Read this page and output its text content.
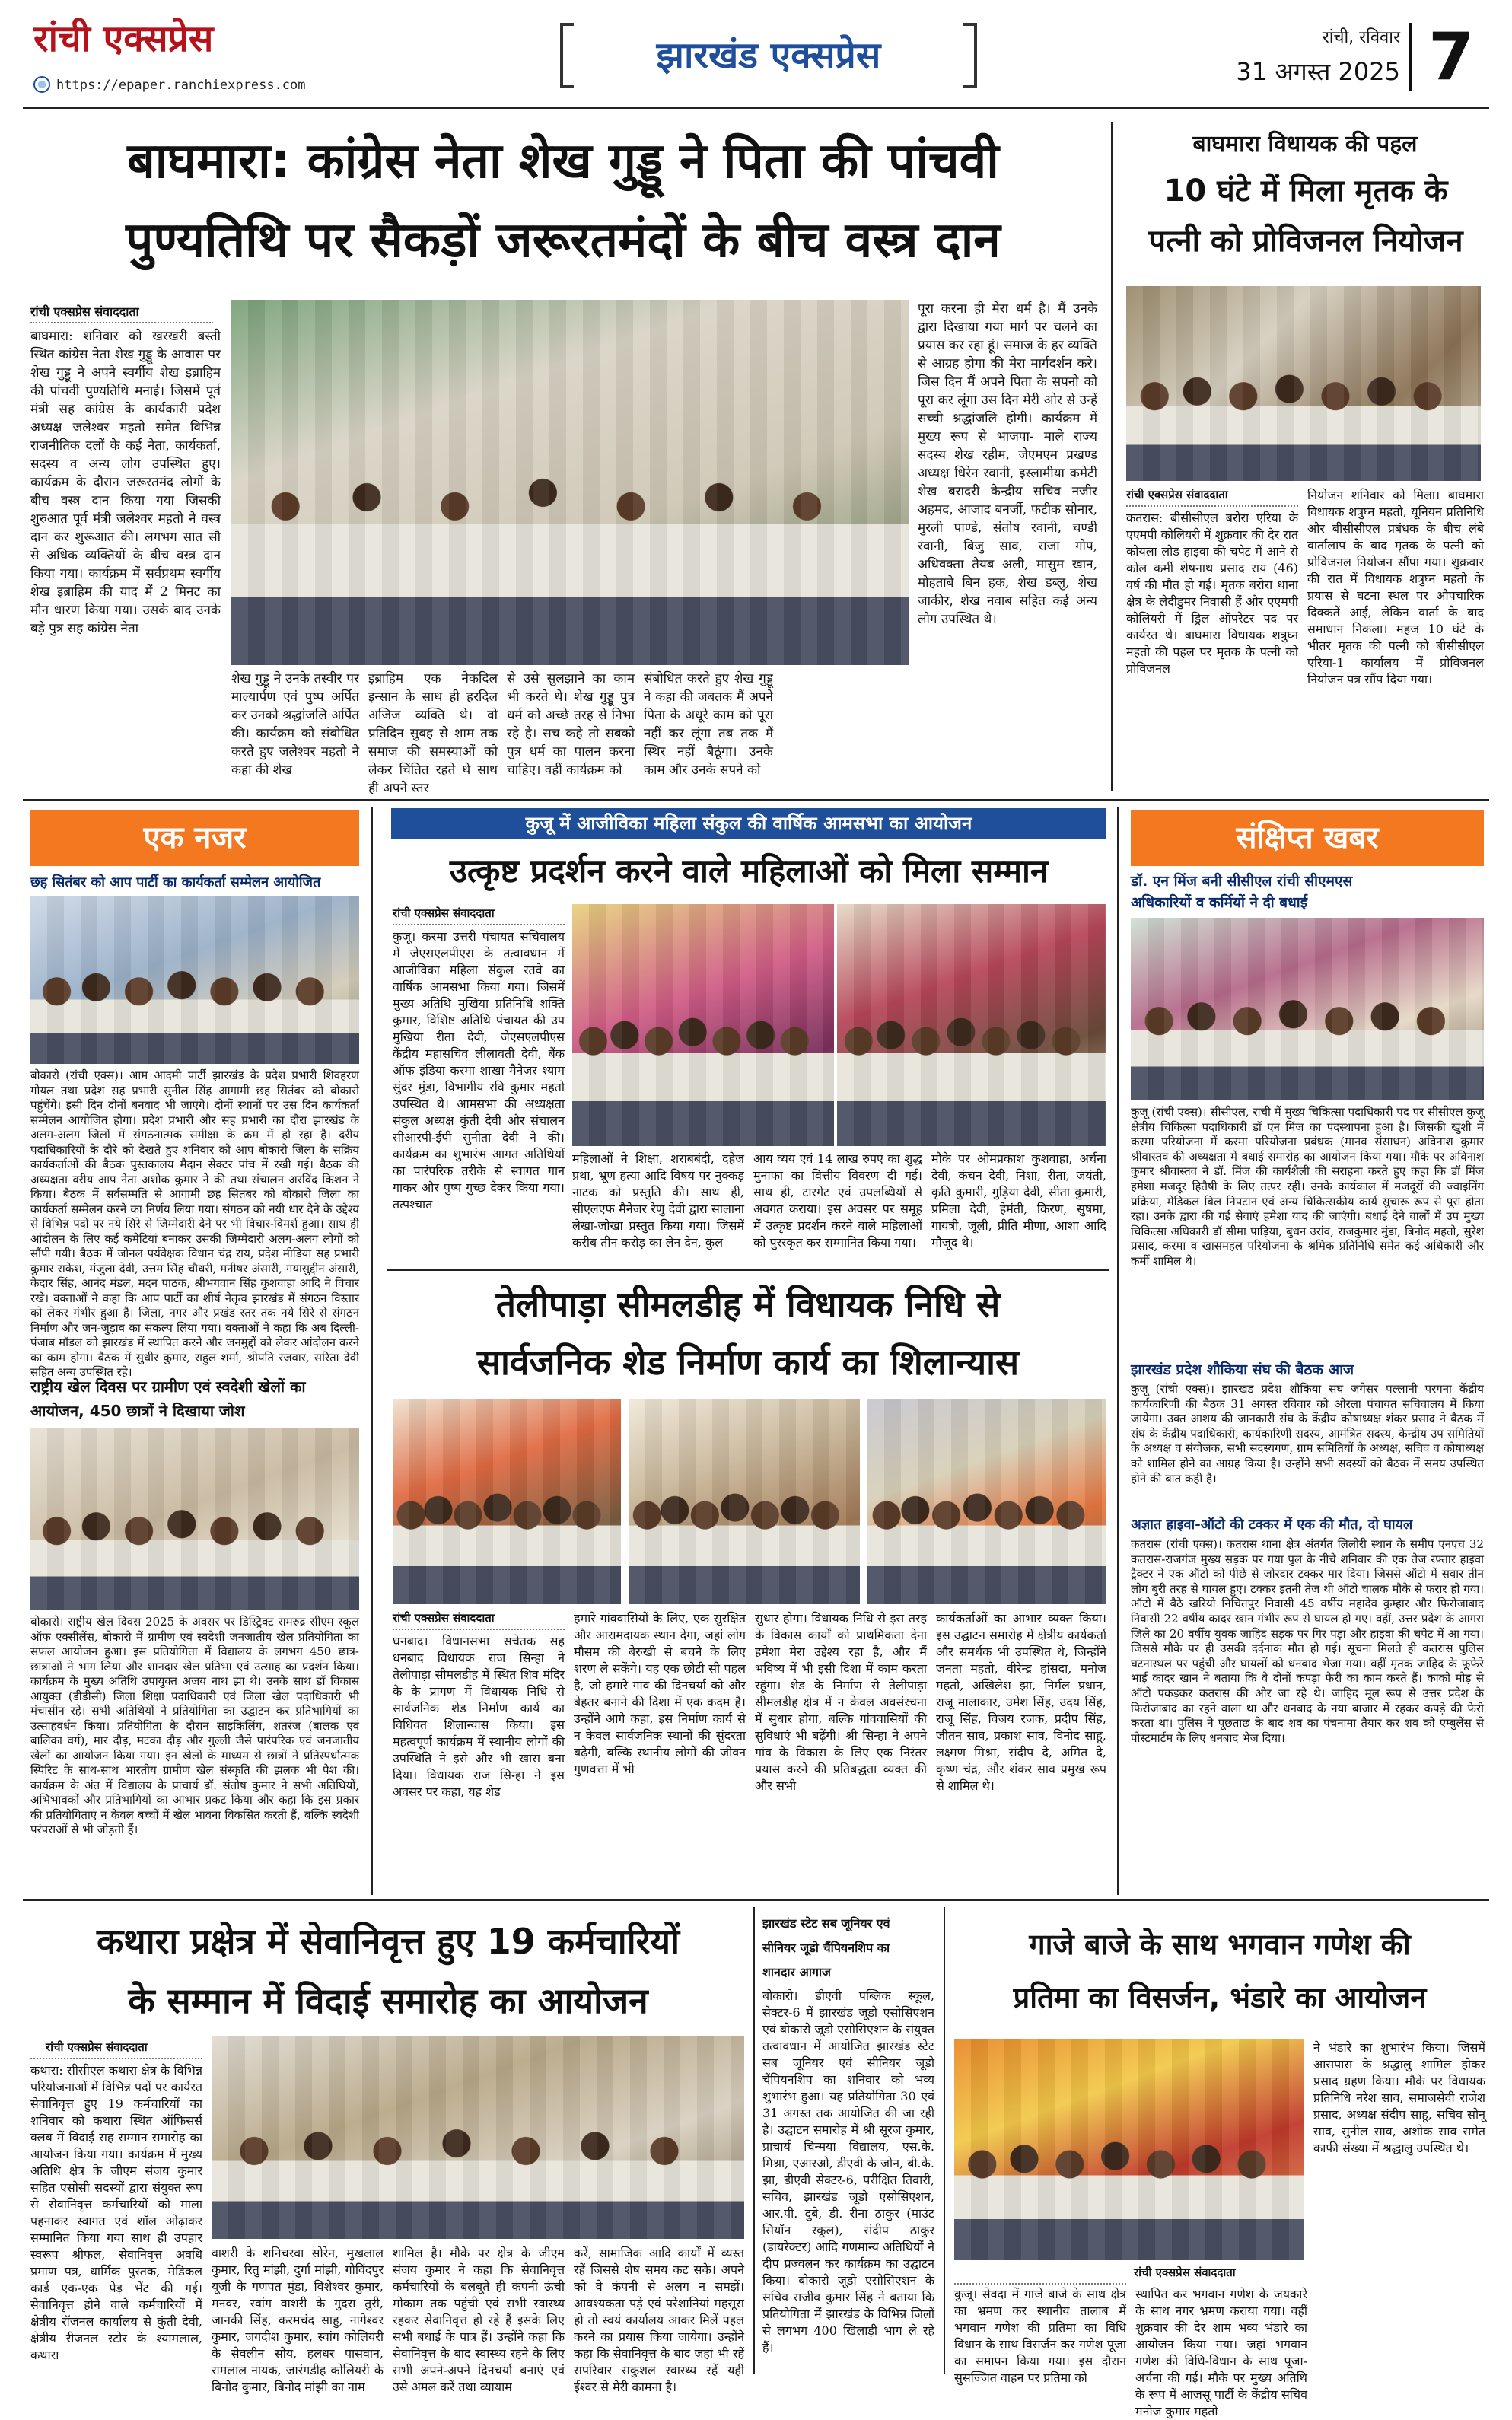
रांची एक्सप्रेस
https://epaper.ranchiexpress.com
झारखंड एक्सप्रेस	रांची, रविवार
31 अगस्त 2025 7
बाघमारा: कांग्रेस नेता शेख गुड्डू ने पिता की पांचवी
पुण्यतिथि पर सैकड़ों जरूरतमंदों के बीच वस्त्र दान
रांची एक्सप्रेस संवाददाता
बाघमारा: शनिवार को खरखरी बस्ती स्थित कांग्रेस नेता शेख गुड्डू के आवास पर शेख गुड्डू ने अपने स्वर्गीय शेख इब्राहिम की पांचवी पुण्यतिथि मनाई। जिसमें पूर्व मंत्री सह कांग्रेस के कार्यकारी प्रदेश अध्यक्ष जलेश्वर महतो समेत विभिन्न राजनीतिक दलों के कई नेता, कार्यकर्ता, सदस्य व अन्य लोग उपस्थित हुए। कार्यक्रम के दौरान जरूरतमंद लोगों के बीच वस्त्र दान किया गया जिसकी शुरुआत पूर्व मंत्री जलेश्वर महतो ने वस्त्र दान कर शुरूआत की। लगभग सात सौ से अधिक व्यक्तियों के बीच वस्त्र दान किया गया। कार्यक्रम में सर्वप्रथम स्वर्गीय शेख इब्राहिम की याद में 2 मिनट का मौन धारण किया गया। उसके बाद उनके बड़े पुत्र सह कांग्रेस नेता
शेख गुड्डू ने उनके तस्वीर पर माल्यार्पण एवं पुष्प अर्पित कर उनको श्रद्धांजलि अर्पित की। कार्यक्रम को संबोधित करते हुए जलेश्वर महतो ने कहा की शेख
इब्राहिम एक नेकदिल इन्सान के साथ ही हरदिल अजिज व्यक्ति थे। वो प्रतिदिन सुबह से शाम तक समाज की समस्याओं को लेकर चिंतित रहते थे साथ ही अपने स्तर
से उसे सुलझाने का काम भी करते थे। शेख गुड्डू पुत्र धर्म को अच्छे तरह से निभा रहे है। सच कहे तो सबको पुत्र धर्म का पालन करना चाहिए। वहीं कार्यक्रम को
संबोधित करते हुए शेख गुड्डू ने कहा की जबतक मैं अपने पिता के अधूरे काम को पूरा नहीं कर लूंगा तब तक मैं स्थिर नहीं बैठूंगा। उनके काम और उनके सपने को
पूरा करना ही मेरा धर्म है। मैं उनके द्वारा दिखाया गया मार्ग पर चलने का प्रयास कर रहा हूं। समाज के हर व्यक्ति से आग्रह होगा की मेरा मार्गदर्शन करे। जिस दिन मैं अपने पिता के सपनो को पूरा कर लूंगा उस दिन मेरी ओर से उन्हें सच्ची श्रद्धांजलि होगी। कार्यक्रम में मुख्य रूप से भाजपा- माले राज्य सदस्य शेख रहीम, जेएमएम प्रखण्ड अध्यक्ष धिरेन रवानी, इस्लामीया कमेटी शेख बरादरी केन्द्रीय सचिव नजीर अहमद, आजाद बनर्जी, फटीक सोनार, मुरली पाण्डे, संतोष रवानी, चण्डी रवानी, बिजु साव, राजा गोप, अधिवक्ता तैयब अली, मासुम खान, मोहताबे बिन हक, शेख डब्लु, शेख जाकीर, शेख नवाब सहित कई अन्य लोग उपस्थित थे।
बाघमारा विधायक की पहल
10 घंटे में मिला मृतक के
पत्नी को प्रोविजनल नियोजन
रांची एक्सप्रेस संवाददाता
कतरास: बीसीसीएल बरोरा एरिया के एएमपी कोलियरी में शुक्रवार की देर रात कोयला लोड हाइवा की चपेट में आने से कोल कर्मी शेषनाथ प्रसाद राय (46) वर्ष की मौत हो गई। मृतक बरोरा थाना क्षेत्र के लेदीडुमर निवासी हैं और एएमपी कोलियरी में ड्रिल ऑपरेटर पद पर कार्यरत थे। बाघमारा विधायक शत्रुघ्न महतो की पहल पर मृतक के पत्नी को प्रोविजनल
नियोजन शनिवार को मिला। बाघमारा विधायक शत्रुघ्न महतो, यूनियन प्रतिनिधि और बीसीसीएल प्रबंधक के बीच लंबे वार्तालाप के बाद मृतक के पत्नी को प्रोविजनल नियोजन सौंपा गया। शुक्रवार की रात में विधायक शत्रुघ्न महतो के प्रयास से घटना स्थल पर औपचारिक दिक्कतें आई, लेकिन वार्ता के बाद समाधान निकला। महज 10 घंटे के भीतर मृतक की पत्नी को बीसीसीएल एरिया-1 कार्यालय में प्रोविजनल नियोजन पत्र सौंप दिया गया।
एक नजर
छह सितंबर को आप पार्टी का कार्यकर्ता सम्मेलन आयोजित
बोकारो (रांची एक्स)। आम आदमी पार्टी झारखंड के प्रदेश प्रभारी शिवहरण गोयल तथा प्रदेश सह प्रभारी सुनील सिंह आगामी छह सितंबर को बोकारो पहुंचेंगे। इसी दिन दोनों बनवाद भी जाएंगे। दोनों स्थानों पर उस दिन कार्यकर्ता सम्मेलन आयोजित होगा। प्रदेश प्रभारी और सह प्रभारी का दौरा झारखंड के अलग-अलग जिलों में संगठनात्मक समीक्षा के क्रम में हो रहा है। दरीय पदाधिकारियों के दौरे को देखते हुए शनिवार को आप बोकारो जिला के सक्रिय कार्यकर्ताओं की बैठक पुस्तकालय मैदान सेक्टर पांच में रखी गई। बैठक की अध्यक्षता वरीय आप नेता अशोक कुमार ने की तथा संचालन अरविंद किशन ने किया। बैठक में सर्वसम्मति से आगामी छह सितंबर को बोकारो जिला का कार्यकर्ता सम्मेलन करने का निर्णय लिया गया। संगठन को नयी धार देने के उद्देश्य से विभिन्न पदों पर नये सिरे से जिम्मेदारी देने पर भी विचार-विमर्श हुआ। साथ ही आंदोलन के लिए कई कमेटियां बनाकर उसकी जिम्मेदारी अलग-अलग लोगों को सौंपी गयी। बैठक में जोनल पर्यवेक्षक विधान चंद्र राय, प्रदेश मीडिया सह प्रभारी कुमार राकेश, मंजुला देवी, उत्तम सिंह चौधरी, मनीषर अंसारी, गयासुद्दीन अंसारी, केदार सिंह, आनंद मंडल, मदन पाठक, श्रीभगवान सिंह कुशवाहा आदि ने विचार रखे। वक्ताओं ने कहा कि आप पार्टी का शीर्ष नेतृत्व झारखंड में संगठन विस्तार को लेकर गंभीर हुआ है। जिला, नगर और प्रखंड स्तर तक नये सिरे से संगठन निर्माण और जन-जुड़ाव का संकल्प लिया गया। वक्ताओं ने कहा कि अब दिल्ली-पंजाब मॉडल को झारखंड में स्थापित करने और जनमुद्दों को लेकर आंदोलन करने का काम होगा। बैठक में सुधीर कुमार, राहुल शर्मा, श्रीपति रजवार, सरिता देवी सहित अन्य उपस्थित रहे।
राष्ट्रीय खेल दिवस पर ग्रामीण एवं स्वदेशी खेलों का
आयोजन, 450 छात्रों ने दिखाया जोश
बोकारो। राष्ट्रीय खेल दिवस 2025 के अवसर पर डिस्ट्रिक्ट रामरुद्र सीएम स्कूल ऑफ एक्सीलेंस, बोकारो में ग्रामीण एवं स्वदेशी जनजातीय खेल प्रतियोगिता का सफल आयोजन हुआ। इस प्रतियोगिता में विद्यालय के लगभग 450 छात्र-छात्राओं ने भाग लिया और शानदार खेल प्रतिभा एवं उत्साह का प्रदर्शन किया। कार्यक्रम के मुख्य अतिथि उपायुक्त अजय नाथ झा थे। उनके साथ डॉ विकास आयुक्त (डीडीसी) जिला शिक्षा पदाधिकारी एवं जिला खेल पदाधिकारी भी मंचासीन रहे। सभी अतिथियों ने प्रतियोगिता का उद्घाटन कर प्रतिभागियों का उत्साहवर्धन किया। प्रतियोगिता के दौरान साइकिलिंग, शतरंज (बालक एवं बालिका वर्ग), मार दौड़, मटका दौड़ और गुल्ली जैसे पारंपरिक एवं जनजातीय खेलों का आयोजन किया गया। इन खेलों के माध्यम से छात्रों ने प्रतिस्पर्धात्मक स्पिरिट के साथ-साथ भारतीय ग्रामीण खेल संस्कृति की झलक भी पेश की। कार्यक्रम के अंत में विद्यालय के प्राचार्य डॉ. संतोष कुमार ने सभी अतिथियों, अभिभावकों और प्रतिभागियों का आभार प्रकट किया और कहा कि इस प्रकार की प्रतियोगिताएं न केवल बच्चों में खेल भावना विकसित करती हैं, बल्कि स्वदेशी परंपराओं से भी जोड़ती हैं।
कुजू में आजीविका महिला संकुल की वार्षिक आमसभा का आयोजन
उत्कृष्ट प्रदर्शन करने वाले महिलाओं को मिला सम्मान
रांची एक्सप्रेस संवाददाता
कुजू। करमा उत्तरी पंचायत सचिवालय में जेएसएलपीएस के तत्वावधान में आजीविका महिला संकुल रतवे का वार्षिक आमसभा किया गया। जिसमें मुख्य अतिथि मुखिया प्रतिनिधि शक्ति कुमार, विशिष्ट अतिथि पंचायत की उप मुखिया रीता देवी, जेएसएलपीएस केंद्रीय महासचिव लीलावती देवी, बैंक ऑफ इंडिया करमा शाखा मैनेजर श्याम सुंदर मुंडा, विभागीय रवि कुमार महतो उपस्थित थे। आमसभा की अध्यक्षता संकुल अध्यक्ष कुंती देवी और संचालन सीआरपी-ईपी सुनीता देवी ने की। कार्यक्रम का शुभारंभ आगत अतिथियों का पारंपरिक तरीके से स्वागत गान गाकर और पुष्प गुच्छ देकर किया गया। तत्पश्चात
महिलाओं ने शिक्षा, शराबबंदी, दहेज प्रथा, भ्रूण हत्या आदि विषय पर नुक्कड़ नाटक को प्रस्तुति की। साथ ही, सीएलएफ मैनेजर रेणु देवी द्वारा सालाना लेखा-जोखा प्रस्तुत किया गया। जिसमें करीब तीन करोड़ का लेन देन, कुल
आय व्यय एवं 14 लाख रुपए का शुद्ध मुनाफा का वित्तीय विवरण दी गई। साथ ही, टारगेट एवं उपलब्धियों से अवगत कराया। इस अवसर पर समूह में उत्कृष्ट प्रदर्शन करने वाले महिलाओं को पुरस्कृत कर सम्मानित किया गया।
मौके पर ओमप्रकाश कुशवाहा, अर्चना देवी, कंचन देवी, निशा, रीता, जयंती, कृति कुमारी, गुड़िया देवी, सीता कुमारी, प्रमिला देवी, हेमंती, किरण, सुषमा, गायत्री, जूली, प्रीति मीणा, आशा आदि मौजूद थे।
तेलीपाड़ा सीमलडीह में विधायक निधि से
सार्वजनिक शेड निर्माण कार्य का शिलान्यास
रांची एक्सप्रेस संवाददाता
धनबाद। विधानसभा सचेतक सह धनबाद विधायक राज सिन्हा ने तेलीपाड़ा सीमलडीह में स्थित शिव मंदिर के के प्रांगण में विधायक निधि से सार्वजनिक शेड निर्माण कार्य का विधिवत शिलान्यास किया। इस महत्वपूर्ण कार्यक्रम में स्थानीय लोगों की उपस्थिति ने इसे और भी खास बना दिया। विधायक राज सिन्हा ने इस अवसर पर कहा, यह शेड
हमारे गांववासियों के लिए, एक सुरक्षित और आरामदायक स्थान देगा, जहां लोग मौसम की बेरुखी से बचने के लिए शरण ले सकेंगे। यह एक छोटी सी पहल है, जो हमारे गांव की दिनचर्या को और बेहतर बनाने की दिशा में एक कदम है। उन्होंने आगे कहा, इस निर्माण कार्य से न केवल सार्वजनिक स्थानों की सुंदरता बढ़ेगी, बल्कि स्थानीय लोगों की जीवन गुणवत्ता में भी
सुधार होगा। विधायक निधि से इस तरह के विकास कार्यों को प्राथमिकता देना हमेशा मेरा उद्देश्य रहा है, और मैं भविष्य में भी इसी दिशा में काम करता रहूंगा। शेड के निर्माण से तेलीपाड़ा सीमलडीह क्षेत्र में न केवल अवसंरचना में सुधार होगा, बल्कि गांववासियों की सुविधाएं भी बढ़ेंगी। श्री सिन्हा ने अपने गांव के विकास के लिए एक निरंतर प्रयास करने की प्रतिबद्धता व्यक्त की और सभी
कार्यकर्ताओं का आभार व्यक्त किया। इस उद्घाटन समारोह में क्षेत्रीय कार्यकर्ता और समर्थक भी उपस्थित थे, जिन्होंने जनता महतो, वीरेन्द्र हांसदा, मनोज महतो, अखिलेश झा, निर्मल प्रधान, राजू मालाकार, उमेश सिंह, उदय सिंह, राजू सिंह, विजय रजक, प्रदीप सिंह, जीतन साव, प्रकाश साव, विनोद साहू, लक्ष्मण मिश्रा, संदीप दे, अमित दे, कृष्ण चंद्र, और शंकर साव प्रमुख रूप से शामिल थे।
संक्षिप्त खबर
डॉ. एन मिंज बनी सीसीएल रांची सीएमएस
अधिकारियों व कर्मियों ने दी बधाई
कुजू (रांची एक्स)। सीसीएल, रांची में मुख्य चिकित्सा पदाधिकारी पद पर सीसीएल कुजू क्षेत्रीय चिकित्सा पदाधिकारी डॉ एन मिंज का पदस्थापना हुआ है। जिसकी खुशी में करमा परियोजना में करमा परियोजना प्रबंधक (मानव संसाधन) अविनाश कुमार श्रीवास्तव की अध्यक्षता में बधाई समारोह का आयोजन किया गया। मौके पर अविनाश कुमार श्रीवास्तव ने डॉ. मिंज की कार्यशैली की सराहना करते हुए कहा कि डॉ मिंज हमेशा मजदूर हितैषी के लिए तत्पर रहीं। उनके कार्यकाल में मजदूरों की ज्वाइनिंग प्रक्रिया, मेडिकल बिल निपटान एवं अन्य चिकित्सकीय कार्य सुचारू रूप से पूरा होता रहा। उनके द्वारा की गई सेवाएं हमेशा याद की जाएंगी। बधाई देने वालों में उप मुख्य चिकित्सा अधिकारी डॉ सीमा पाड़िया, बुधन उरांव, राजकुमार मुंडा, बिनोद महतो, सुरेश प्रसाद, करमा व खासमहल परियोजना के श्रमिक प्रतिनिधि समेत कई अधिकारी और कर्मी शामिल थे।
झारखंड प्रदेश शौकिया संघ की बैठक आज
कुजू (रांची एक्स)। झारखंड प्रदेश शौकिया संघ जगेसर पल्लानी परगना केंद्रीय कार्यकारिणी की बैठक 31 अगस्त रविवार को ओरला पंचायत सचिवालय में किया जायेगा। उक्त आशय की जानकारी संघ के केंद्रीय कोषाध्यक्ष शंकर प्रसाद ने बैठक में संघ के केंद्रीय पदाधिकारी, कार्यकारिणी सदस्य, आमंत्रित सदस्य, केन्द्रीय उप समितियों के अध्यक्ष व संयोजक, सभी सदस्यगण, ग्राम समितियों के अध्यक्ष, सचिव व कोषाध्यक्ष को शामिल होने का आग्रह किया है। उन्होंने सभी सदस्यों को बैठक में समय उपस्थित होने की बात कही है।
अज्ञात हाइवा-ऑटो की टक्कर में एक की मौत, दो घायल
कतरास (रांची एक्स)। कतरास थाना क्षेत्र अंतर्गत लिलोरी स्थान के समीप एनएच 32 कतरास-राजगंज मुख्य सड़क पर गया पुल के नीचे शनिवार की एक तेज रफ्तार हाइवा ट्रैक्टर ने एक ऑटो को पीछे से जोरदार टक्कर मार दिया। जिससे ऑटो में सवार तीन लोग बुरी तरह से घायल हुए। टक्कर इतनी तेज थी ऑटो चालक मौके से फरार हो गया। ऑटो में बैठे खरियो निचितपुर निवासी 45 वर्षीय महादेव कुम्हार और फिरोजाबाद निवासी 22 वर्षीय कादर खान गंभीर रूप से घायल हो गए। वहीं, उत्तर प्रदेश के आगरा जिले का 20 वर्षीय युवक जाहिद सड़क पर गिर पड़ा और हाइवा की चपेट में आ गया। जिससे मौके पर ही उसकी दर्दनाक मौत हो गई। सूचना मिलते ही कतरास पुलिस घटनास्थल पर पहुंची और घायलों को धनबाद भेजा गया। वहीं मृतक जाहिद के फूफेरे भाई कादर खान ने बताया कि वे दोनों कपड़ा फेरी का काम करते हैं। काको मोड़ से ऑटो पकड़कर कतरास की ओर जा रहे थे। जाहिद मूल रूप से उत्तर प्रदेश के फिरोजाबाद का रहने वाला था और धनबाद के नया बाजार में रहकर कपड़े की फेरी करता था। पुलिस ने पूछताछ के बाद शव का पंचनामा तैयार कर शव को एम्बुलेंस से पोस्टमार्टम के लिए धनबाद भेज दिया।
कथारा प्रक्षेत्र में सेवानिवृत्त हुए 19 कर्मचारियों
के सम्मान में विदाई समारोह का आयोजन
रांची एक्सप्रेस संवाददाता
कथारा: सीसीएल कथारा क्षेत्र के विभिन्न परियोजनाओं में विभिन्न पदों पर कार्यरत सेवानिवृत्त हुए 19 कर्मचारियों का शनिवार को कथारा स्थित ऑफिसर्स क्लब में विदाई सह सम्मान समारोह का आयोजन किया गया। कार्यक्रम में मुख्य अतिथि क्षेत्र के जीएम संजय कुमार सहित एसोसी सदस्यों द्वारा संयुक्त रूप से सेवानिवृत्त कर्मचारियों को माला पहनाकर स्वागत एवं शॉल ओढ़ाकर सम्मानित किया गया साथ ही उपहार स्वरूप श्रीफल, सेवानिवृत्त अवधि प्रमाण पत्र, धार्मिक पुस्तक, मेडिकल कार्ड एक-एक पेड़ भेंट की गई। सेवानिवृत्त होने वाले कर्मचारियों में क्षेत्रीय रॉजनल कार्यालय से कुंती देवी, क्षेत्रीय रीजनल स्टोर के श्यामलाल, कथारा
वाशरी के शनिचरवा सोरेन, मुखलाल कुमार, रितु मांझी, दुर्गा मांझी, गोविंदपुर यूजी के गणपत मुंडा, विशेश्वर कुमार, मनवर, स्वांग वाशरी के गुदरा तुरी, जानकी सिंह, करमचंद साहु, नागेश्वर कुमार, जगदीश कुमार, स्वांग कोलियरी के सेवलीन सोय, हलधर पासवान, रामलाल नायक, जारंगडीह कोलियरी के बिनोद कुमार, बिनोद मांझी का नाम
शामिल है। मौके पर क्षेत्र के जीएम संजय कुमार ने कहा कि सेवानिवृत्त कर्मचारियों के बलबूते ही कंपनी ऊंची मोकाम तक पहुंची एवं सभी स्वास्थ्य रहकर सेवानिवृत्त हो रहे हैं इसके लिए सभी बधाई के पात्र हैं। उन्होंने कहा कि सेवानिवृत्त के बाद स्वास्थ्य रहने के लिए सभी अपने-अपने दिनचर्या बनाएं एवं उसे अमल करें तथा व्यायाम
करें, सामाजिक आदि कार्यों में व्यस्त रहें जिससे शेष समय कट सके। अपने को वे कंपनी से अलग न समझें। आवश्यकता पड़े एवं परेशानियां महसूस हो तो स्वयं कार्यालय आकर मिलें पहल करने का प्रयास किया जायेगा। उन्होंने कहा कि सेवानिवृत्त के बाद जहां भी रहें सपरिवार सकुशल स्वास्थ्य रहें यही ईश्वर से मेरी कामना है।
झारखंड स्टेट सब जूनियर एवं
सीनियर जूडो चैंपियनशिप का
शानदार आगाज
बोकारो। डीएवी पब्लिक स्कूल, सेक्टर-6 में झारखंड जूडो एसोसिएशन एवं बोकारो जूडो एसोसिएशन के संयुक्त तत्वावधान में आयोजित झारखंड स्टेट सब जूनियर एवं सीनियर जूडो चैंपियनशिप का शनिवार को भव्य शुभारंभ हुआ। यह प्रतियोगिता 30 एवं 31 अगस्त तक आयोजित की जा रही है। उद्घाटन समारोह में श्री सूरज कुमार, प्राचार्य चिन्मया विद्यालय, एस.के. मिश्रा, एआरओ, डीएवी के जोन, बी.के. झा, डीएवी सेक्टर-6, परीक्षित तिवारी, सचिव, झारखंड जूडो एसोसिएशन, आर.पी. दुबे, डी. रीना ठाकुर (माउंट सियॉन स्कूल), संदीप ठाकुर (डायरेक्टर) आदि गणमान्य अतिथियों ने दीप प्रज्वलन कर कार्यक्रम का उद्घाटन किया। बोकारो जूडो एसोसिएशन के सचिव राजीव कुमार सिंह ने बताया कि प्रतियोगिता में झारखंड के विभिन्न जिलों से लगभग 400 खिलाड़ी भाग ले रहे हैं।
गाजे बाजे के साथ भगवान गणेश की
प्रतिमा का विसर्जन, भंडारे का आयोजन
रांची एक्सप्रेस संवाददाता
कुजू। सेवदा में गाजे बाजे के साथ क्षेत्र का भ्रमण कर स्थानीय तालाब में भगवान गणेश की प्रतिमा का विधि विधान के साथ विसर्जन कर गणेश पूजा का समापन किया गया। इस दौरान सुसज्जित वाहन पर प्रतिमा को
स्थापित कर भगवान गणेश के जयकारे के साथ नगर भ्रमण कराया गया। वहीं शुक्रवार की देर शाम भव्य भंडारे का आयोजन किया गया। जहां भगवान गणेश की विधि-विधान के साथ पूजा-अर्चना की गई। मौके पर मुख्य अतिथि के रूप में आजसू पार्टी के केंद्रीय सचिव मनोज कुमार महतो
ने भंडारे का शुभारंभ किया। जिसमें आसपास के श्रद्धालु शामिल होकर प्रसाद ग्रहण किया। मौके पर विधायक प्रतिनिधि नरेश साव, समाजसेवी राजेश प्रसाद, अध्यक्ष संदीप साहू, सचिव सोनू साव, सुनील साव, अशोक साव समेत काफी संख्या में श्रद्धालु उपस्थित थे।
